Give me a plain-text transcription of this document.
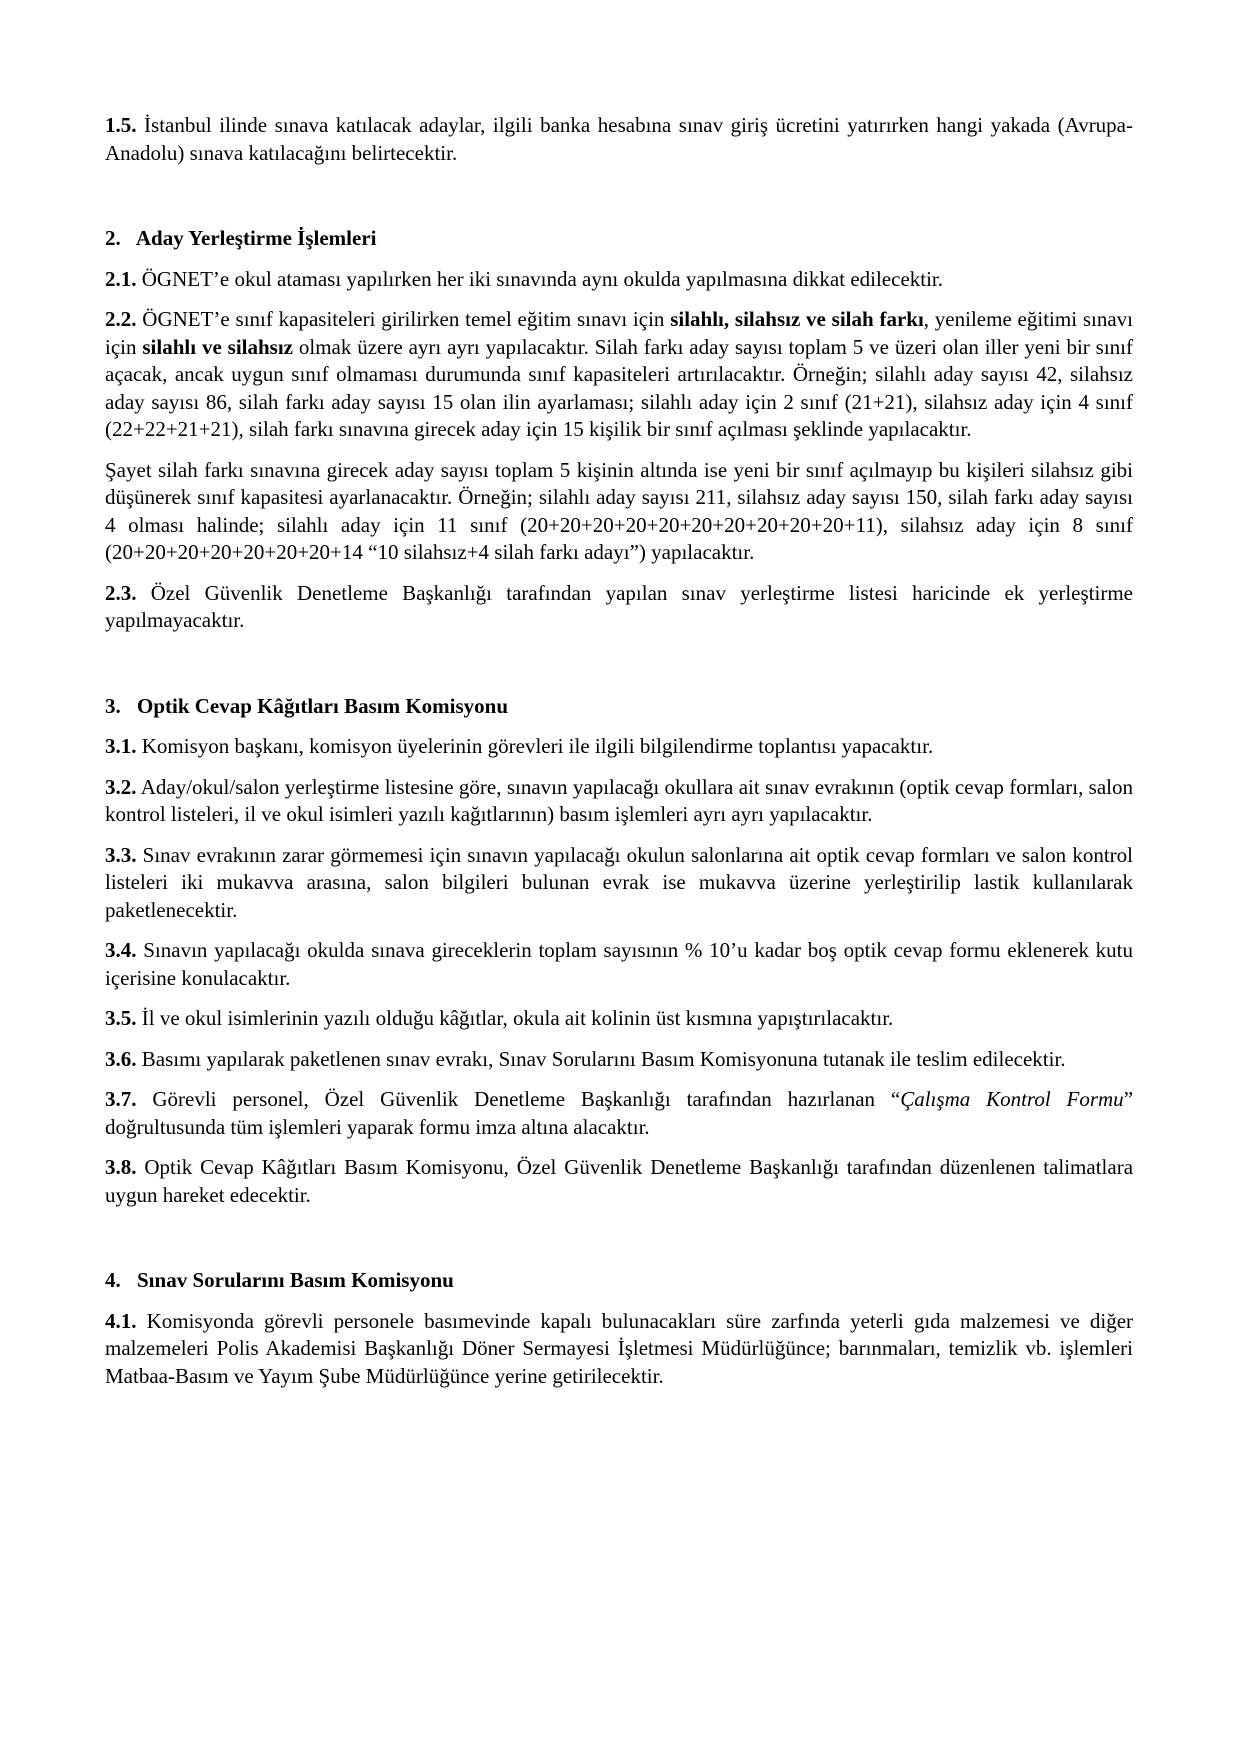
1.5. İstanbul ilinde sınava katılacak adaylar, ilgili banka hesabına sınav giriş ücretini yatırırken hangi yakada (Avrupa-Anadolu) sınava katılacağını belirtecektir.
2. Aday Yerleştirme İşlemleri
2.1. ÖGNET’e okul ataması yapılırken her iki sınavında aynı okulda yapılmasına dikkat edilecektir.
2.2. ÖGNET’e sınıf kapasiteleri girilirken temel eğitim sınavı için silahlı, silahsız ve silah farkı, yenileme eğitimi sınavı için silahlı ve silahsız olmak üzere ayrı ayrı yapılacaktır. Silah farkı aday sayısı toplam 5 ve üzeri olan iller yeni bir sınıf açacak, ancak uygun sınıf olmaması durumunda sınıf kapasiteleri artırılacaktır. Örneğin; silahlı aday sayısı 42, silahsız aday sayısı 86, silah farkı aday sayısı 15 olan ilin ayarlaması; silahlı aday için 2 sınıf (21+21), silahsız aday için 4 sınıf (22+22+21+21), silah farkı sınavına girecek aday için 15 kişilik bir sınıf açılması şeklinde yapılacaktır.
Şayet silah farkı sınavına girecek aday sayısı toplam 5 kişinin altında ise yeni bir sınıf açılmayıp bu kişileri silahsız gibi düşünerek sınıf kapasitesi ayarlanacaktır. Örneğin; silahlı aday sayısı 211, silahsız aday sayısı 150, silah farkı aday sayısı 4 olması halinde; silahlı aday için 11 sınıf (20+20+20+20+20+20+20+20+20+20+11), silahsız aday için 8 sınıf (20+20+20+20+20+20+20+14 “10 silahsız+4 silah farkı adayı”) yapılacaktır.
2.3. Özel Güvenlik Denetleme Başkanlığı tarafından yapılan sınav yerleştirme listesi haricinde ek yerleştirme yapılmayacaktır.
3. Optik Cevap Kâğıtları Basım Komisyonu
3.1. Komisyon başkanı, komisyon üyelerinin görevleri ile ilgili bilgilendirme toplantısı yapacaktır.
3.2. Aday/okul/salon yerleştirme listesine göre, sınavın yapılacağı okullara ait sınav evrakının (optik cevap formları, salon kontrol listeleri, il ve okul isimleri yazılı kağıtlarının) basım işlemleri ayrı ayrı yapılacaktır.
3.3. Sınav evrakının zarar görmemesi için sınavın yapılacağı okulun salonlarına ait optik cevap formları ve salon kontrol listeleri iki mukavva arasına, salon bilgileri bulunan evrak ise mukavva üzerine yerleştirilip lastik kullanılarak paketlenecektir.
3.4. Sınavın yapılacağı okulda sınava gireceklerin toplam sayısının % 10’u kadar boş optik cevap formu eklenerek kutu içerisine konulacaktır.
3.5. İl ve okul isimlerinin yazılı olduğu kâğıtlar, okula ait kolinin üst kısmına yapıştırılacaktır.
3.6. Basımı yapılarak paketlenen sınav evrakı, Sınav Sorularını Basım Komisyonuna tutanak ile teslim edilecektir.
3.7. Görevli personel, Özel Güvenlik Denetleme Başkanlığı tarafından hazırlanan “Çalışma Kontrol Formu” doğrultusunda tüm işlemleri yaparak formu imza altına alacaktır.
3.8. Optik Cevap Kâğıtları Basım Komisyonu, Özel Güvenlik Denetleme Başkanlığı tarafından düzenlenen talimatlara uygun hareket edecektir.
4. Sınav Sorularını Basım Komisyonu
4.1. Komisyonda görevli personele basımevinde kapalı bulunacakları süre zarfında yeterli gıda malzemesi ve diğer malzemeleri Polis Akademisi Başkanlığı Döner Sermayesi İşletmesi Müdürlüğünce; barınmaları, temizlik vb. işlemleri Matbaa-Basım ve Yayım Şube Müdürlüğünce yerine getirilecektir.
